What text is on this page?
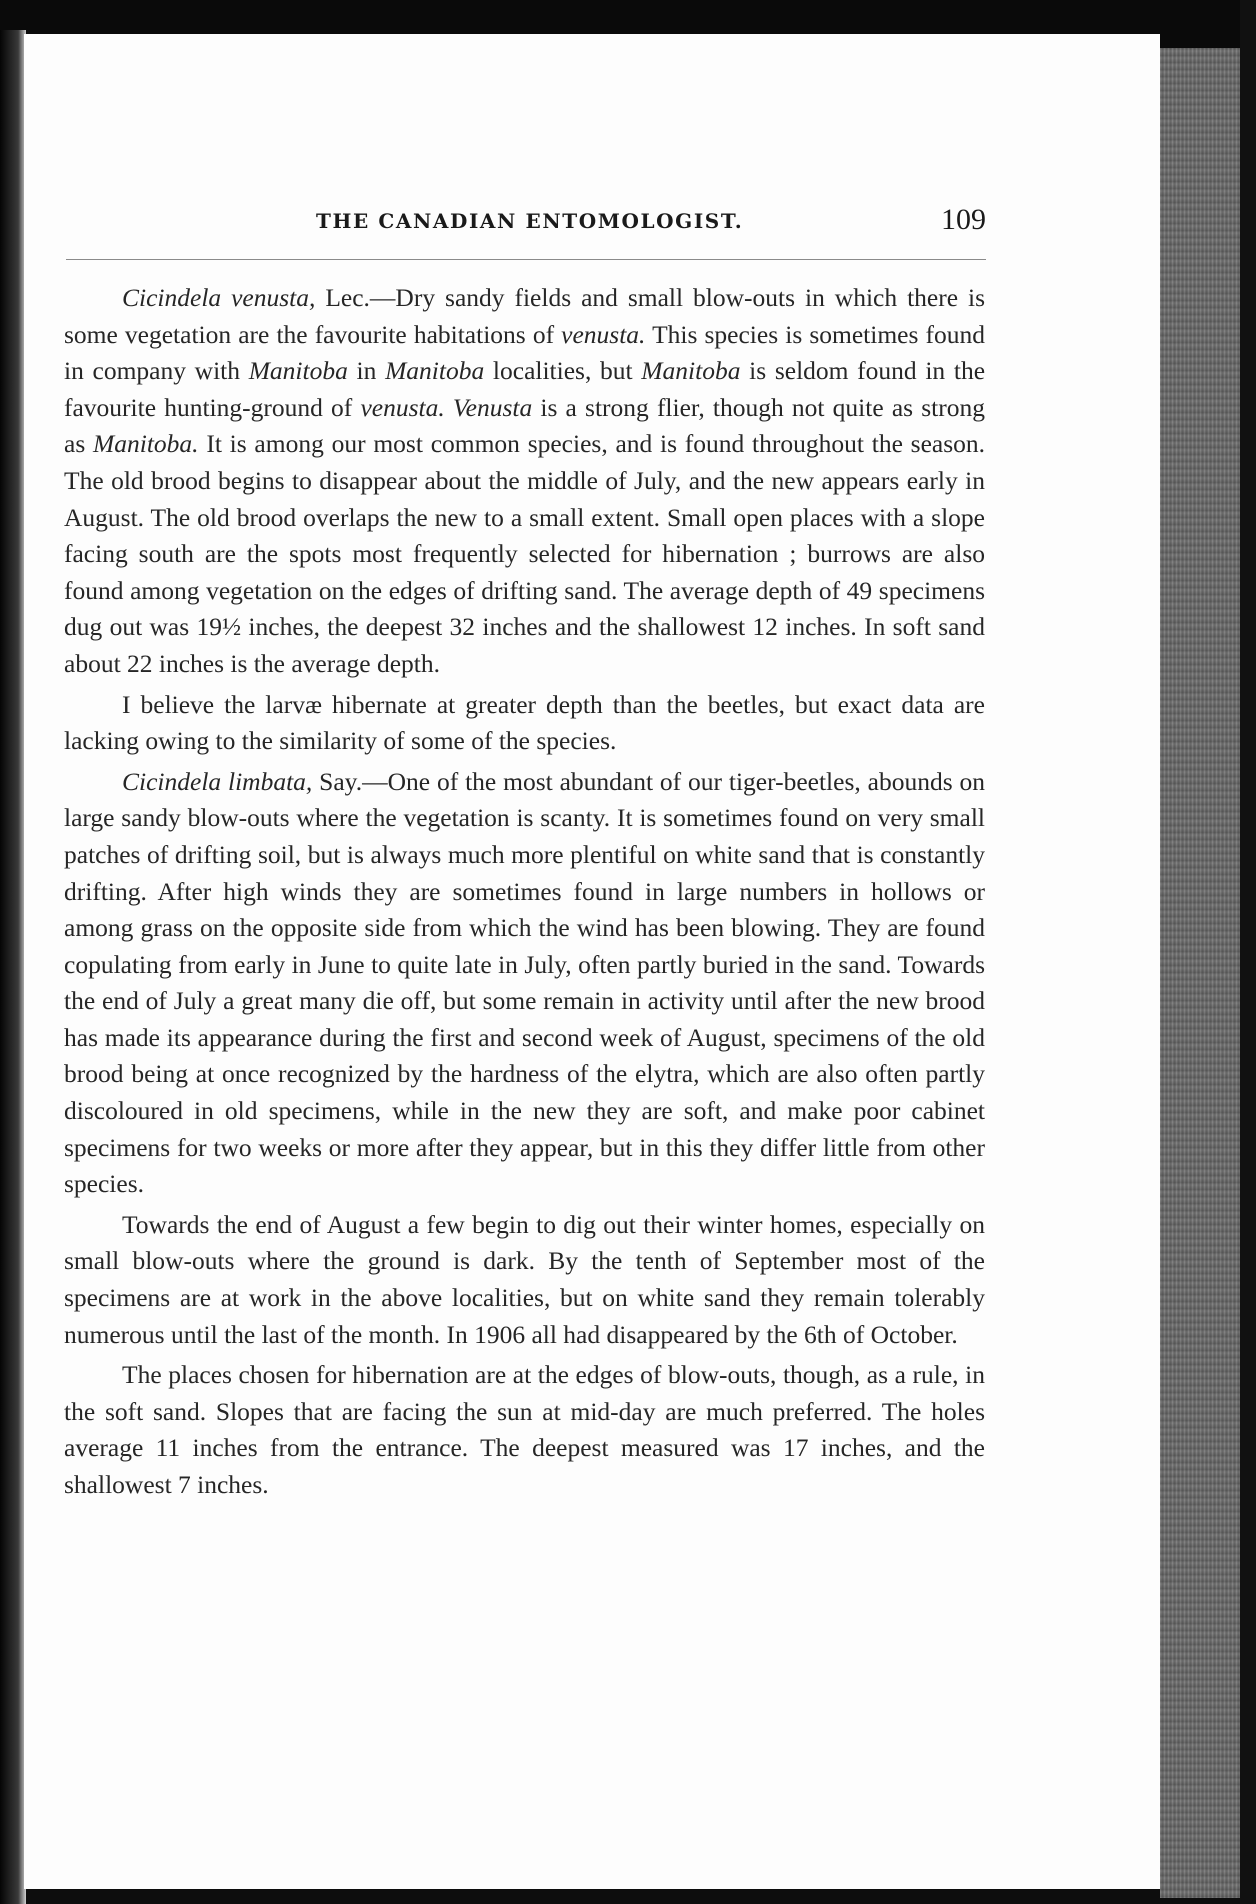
THE CANADIAN ENTOMOLOGIST.	109

Cicindela venusta, Lec.—Dry sandy fields and small blow-outs in which there is some vegetation are the favourite habitations of venusta. This species is sometimes found in company with Manitoba in Manitoba localities, but Manitoba is seldom found in the favourite hunting-ground of venusta. Venusta is a strong flier, though not quite as strong as Manitoba. It is among our most common species, and is found throughout the season. The old brood begins to disappear about the middle of July, and the new appears early in August. The old brood overlaps the new to a small extent. Small open places with a slope facing south are the spots most frequently selected for hibernation ; burrows are also found among vegetation on the edges of drifting sand. The average depth of 49 specimens dug out was 19½ inches, the deepest 32 inches and the shallowest 12 inches. In soft sand about 22 inches is the average depth.

I believe the larvæ hibernate at greater depth than the beetles, but exact data are lacking owing to the similarity of some of the species.

Cicindela limbata, Say.—One of the most abundant of our tiger-beetles, abounds on large sandy blow-outs where the vegetation is scanty. It is sometimes found on very small patches of drifting soil, but is always much more plentiful on white sand that is constantly drifting. After high winds they are sometimes found in large numbers in hollows or among grass on the opposite side from which the wind has been blowing. They are found copulating from early in June to quite late in July, often partly buried in the sand. Towards the end of July a great many die off, but some remain in activity until after the new brood has made its appearance during the first and second week of August, specimens of the old brood being at once recognized by the hardness of the elytra, which are also often partly discoloured in old specimens, while in the new they are soft, and make poor cabinet specimens for two weeks or more after they appear, but in this they differ little from other species.

Towards the end of August a few begin to dig out their winter homes, especially on small blow-outs where the ground is dark. By the tenth of September most of the specimens are at work in the above localities, but on white sand they remain tolerably numerous until the last of the month. In 1906 all had disappeared by the 6th of October.

The places chosen for hibernation are at the edges of blow-outs, though, as a rule, in the soft sand. Slopes that are facing the sun at mid-day are much preferred. The holes average 11 inches from the entrance. The deepest measured was 17 inches, and the shallowest 7 inches.
